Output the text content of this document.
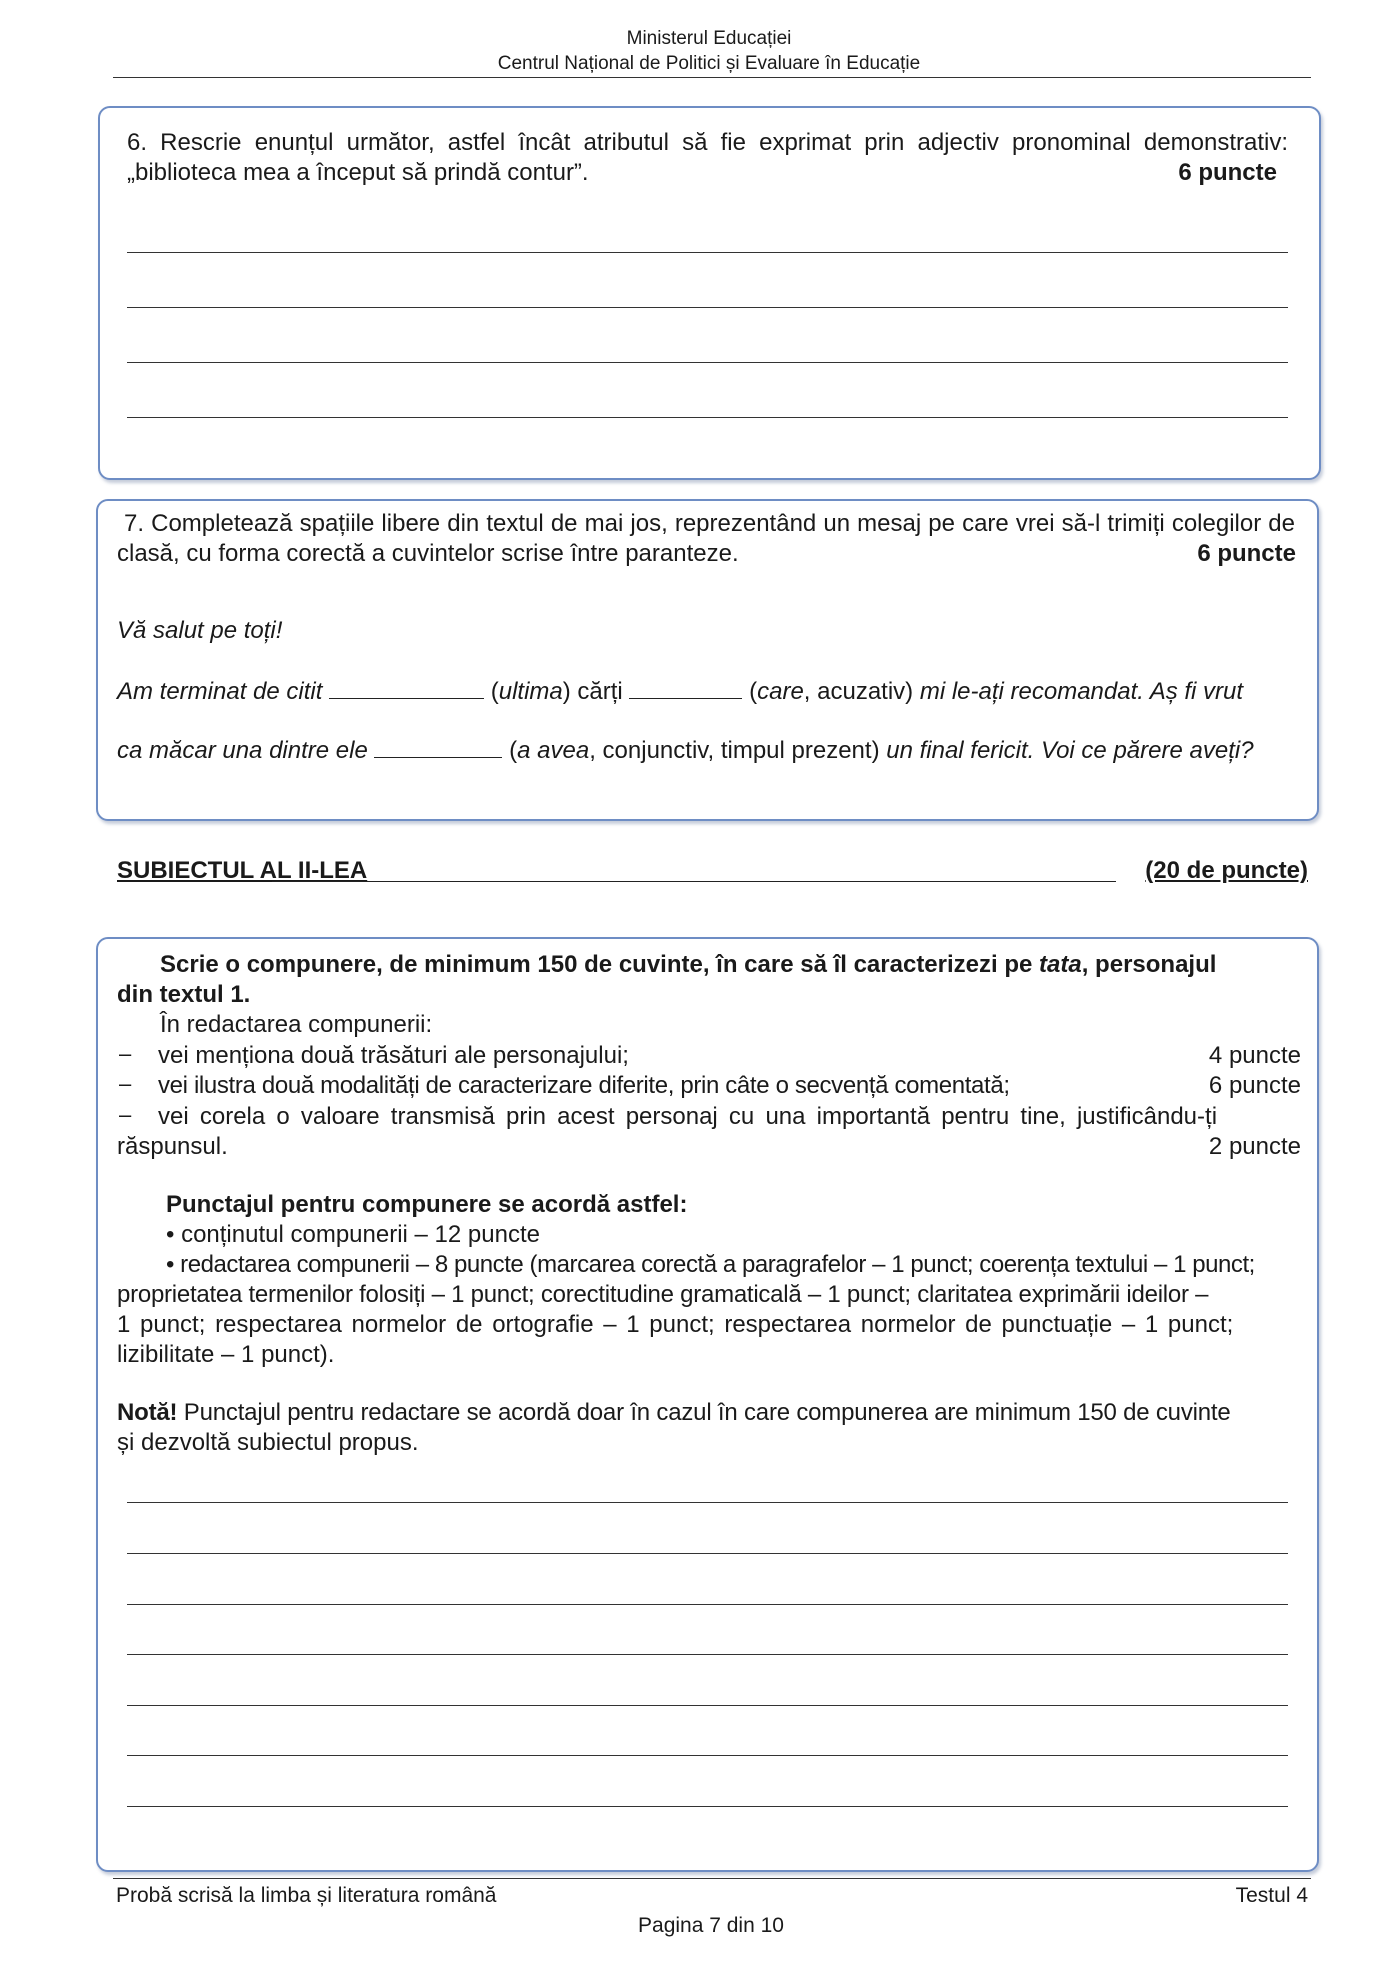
Ministerul Educației
Centrul Național de Politici și Evaluare în Educație
6. Rescrie enunțul următor, astfel încât atributul să fie exprimat prin adjectiv pronominal demonstrativ: „biblioteca mea a început să prindă contur”.	6 puncte
7. Completează spațiile libere din textul de mai jos, reprezentând un mesaj pe care vrei să-l trimiți colegilor de clasă, cu forma corectă a cuvintelor scrise între paranteze.	6 puncte
Vă salut pe toți!
Am terminat de citit	(ultima) cărți	(care, acuzativ) mi le-ați recomandat. Aș fi vrut
ca măcar una dintre ele	(a avea, conjunctiv, timpul prezent) un final fericit. Voi ce părere aveți?
SUBIECTUL AL II-LEA	(20 de puncte)
Scrie o compunere, de minimum 150 de cuvinte, în care să îl caracterizezi pe tata, personajul
din textul 1.
În redactarea compunerii:
– vei menționa două trăsături ale personajului;	4 puncte
– vei ilustra două modalități de caracterizare diferite, prin câte o secvență comentată;	6 puncte
– vei corela o valoare transmisă prin acest personaj cu una importantă pentru tine, justificându-ți
răspunsul.	2 puncte
Punctajul pentru compunere se acordă astfel:
• conținutul compunerii – 12 puncte
• redactarea compunerii – 8 puncte (marcarea corectă a paragrafelor – 1 punct; coerența textului – 1 punct;
proprietatea termenilor folosiți – 1 punct; corectitudine gramaticală – 1 punct; claritatea exprimării ideilor –
1 punct; respectarea normelor de ortografie – 1 punct; respectarea normelor de punctuație – 1 punct;
lizibilitate – 1 punct).
Notă! Punctajul pentru redactare se acordă doar în cazul în care compunerea are minimum 150 de cuvinte
și dezvoltă subiectul propus.
Probă scrisă la limba și literatura română	Testul 4
Pagina 7 din 10
